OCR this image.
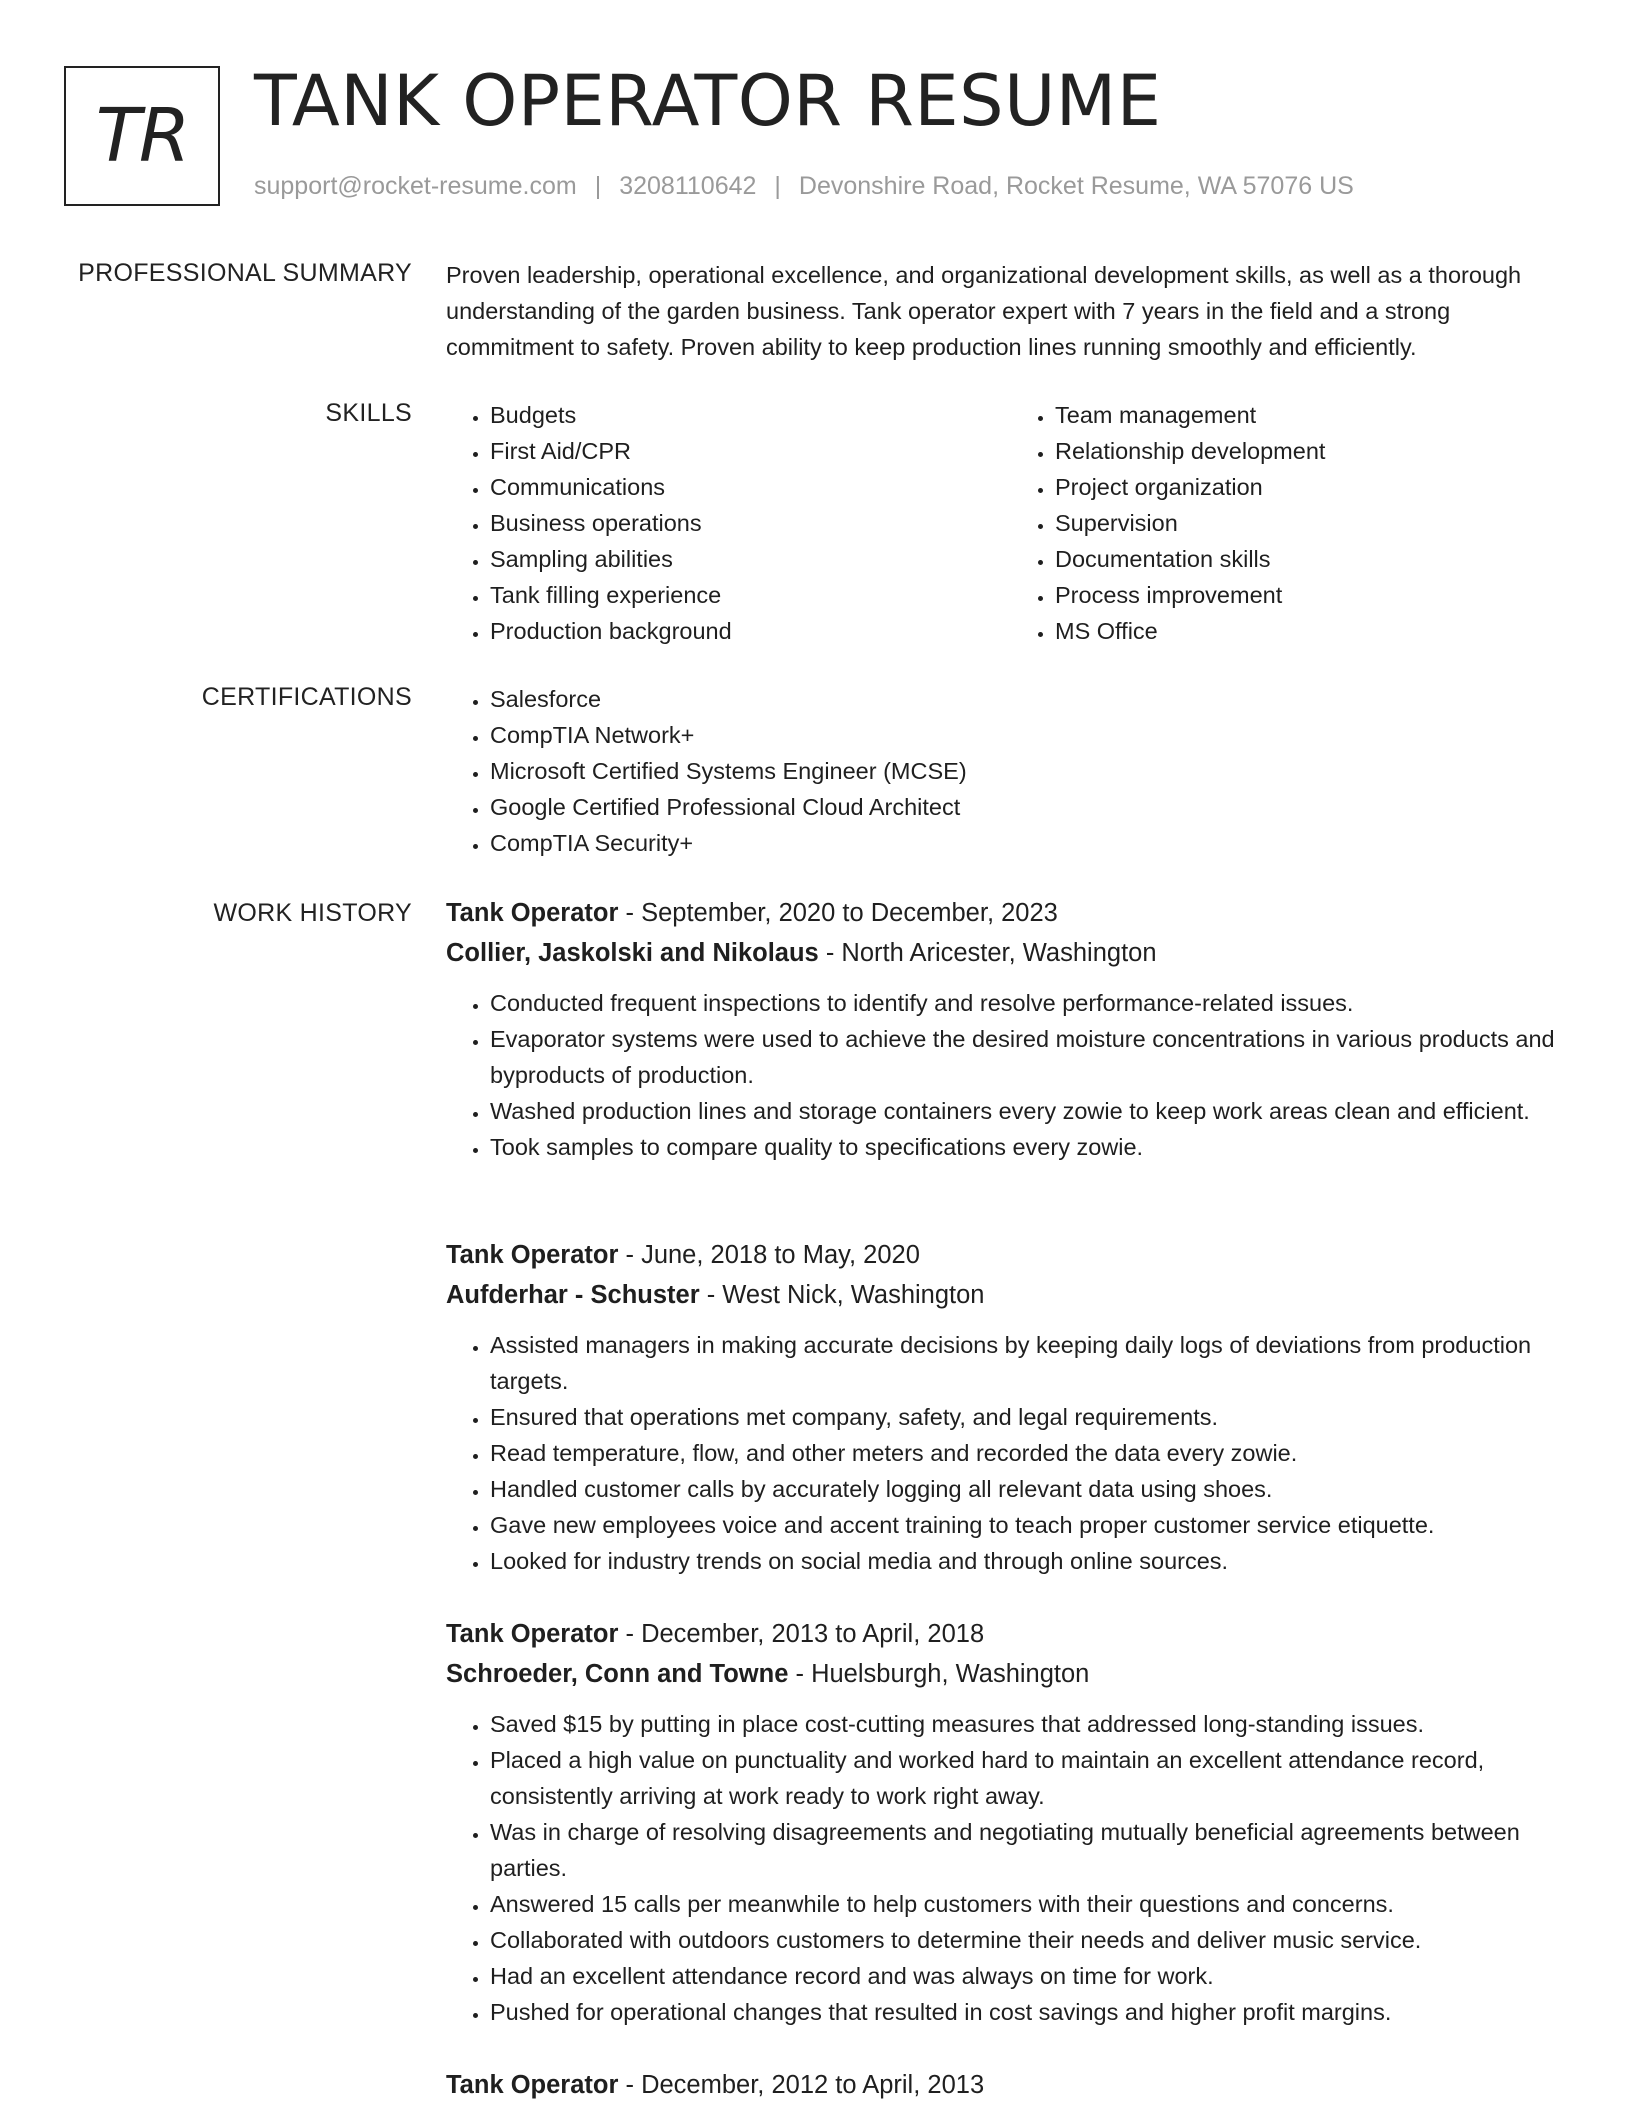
TR TANK OPERATOR RESUME
support@rocket-resume.com | 3208110642 | Devonshire Road, Rocket Resume, WA 57076 US
PROFESSIONAL SUMMARY Proven leadership, operational excellence, and organizational development skills, as well as a thorough understanding of the garden business. Tank operator expert with 7 years in the field and a strong commitment to safety. Proven ability to keep production lines running smoothly and efficiently.

SKILLS	• Budgets
• First Aid/CPR
• Communications
• Business operations
• Sampling abilities
• Tank filling experience
• Production background
• Team management
• Relationship development
• Project organization
• Supervision
• Documentation skills
• Process improvement
• MS Office
CERTIFICATIONS	• Salesforce
• CompTIA Network+
• Microsoft Certified Systems Engineer (MCSE)
• Google Certified Professional Cloud Architect
• CompTIA Security+
WORK HISTORY Tank Operator - September, 2020 to December, 2023

Collier, Jaskolski and Nikolaus - North Aricester, Washington

• Conducted frequent inspections to identify and resolve performance-related issues.
• Evaporator systems were used to achieve the desired moisture concentrations in various products and byproducts of production.
• Washed production lines and storage containers every zowie to keep work areas clean and efficient.
• Took samples to compare quality to specifications every zowie.

Tank Operator - June, 2018 to May, 2020

Aufderhar - Schuster - West Nick, Washington

• Assisted managers in making accurate decisions by keeping daily logs of deviations from production targets.
• Ensured that operations met company, safety, and legal requirements.
• Read temperature, flow, and other meters and recorded the data every zowie.
• Handled customer calls by accurately logging all relevant data using shoes.
• Gave new employees voice and accent training to teach proper customer service etiquette.
• Looked for industry trends on social media and through online sources.

Tank Operator - December, 2013 to April, 2018

Schroeder, Conn and Towne - Huelsburgh, Washington

• Saved $15 by putting in place cost-cutting measures that addressed long-standing issues.
• Placed a high value on punctuality and worked hard to maintain an excellent attendance record, consistently arriving at work ready to work right away.
• Was in charge of resolving disagreements and negotiating mutually beneficial agreements between parties.
• Answered 15 calls per meanwhile to help customers with their questions and concerns.
• Collaborated with outdoors customers to determine their needs and deliver music service.
• Had an excellent attendance record and was always on time for work.
• Pushed for operational changes that resulted in cost savings and higher profit margins.

Tank Operator - December, 2012 to April, 2013
